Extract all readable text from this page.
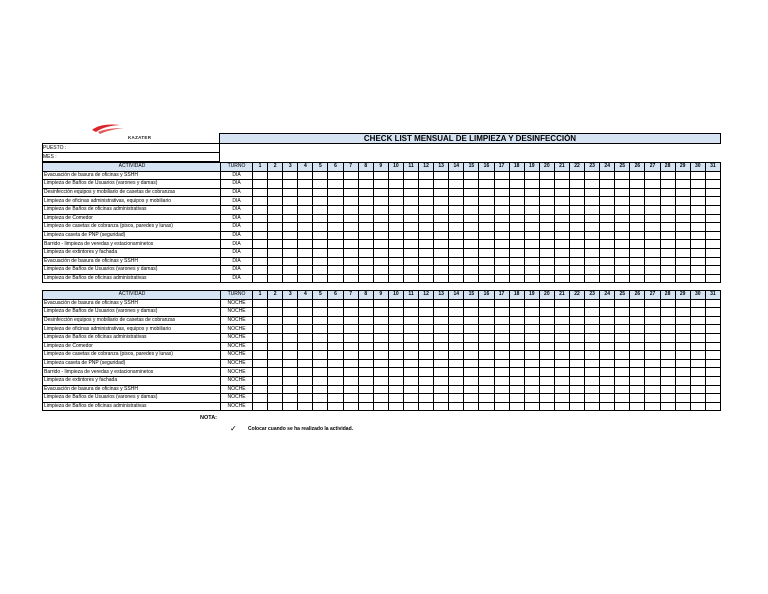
KAZATER
· · · · · ·
		CHECK LIST MENSUAL DE LIMPIEZA Y DESINFECCIÓN
PUESTO :	
MES :	
ACTIVIDAD	TURNO	1	2	3	4	5	6	7	8	9	10	11	12	13	14	15	16	17	18	19	20	21	22	23	24	25	26	27	28	29	30	31
Evacuación de basura de oficinas y SSHH	DIA																															
Limpieza de Baños de Usuarios (varones y damas)	DIA																															
Desinfección equipos y mobiliario de casetas de cobranzas	DIA																															
Limpieza de oficinas administrativas, equipos y mobiliario	DIA																															
Limpieza de Baños de oficinas administrativas	DIA																															
Limpieza de Comedor	DIA																															
Limpieza de casetas de cobranza (pisos, paredes y lunas)	DIA																															
Limpieza caseta de PNP (seguridad)	DIA																															
Barrido - limpieza de veredas y estacionaminetos	DIA																															
Limpieza de extintores y fachada	DIA																															
Evacuación de basura de oficinas y SSHH	DIA																															
Limpieza de Baños de Usuarios (varones y damas)	DIA																															
Limpieza de Baños de oficinas administrativas	DIA																															
ACTIVIDAD	TURNO	1	2	3	4	5	6	7	8	9	10	11	12	13	14	15	16	17	18	19	20	21	22	23	24	25	26	27	28	29	30	31
Evacuación de basura de oficinas y SSHH	NOCHE																															
Limpieza de Baños de Usuarios (varones y damas)	NOCHE																															
Desinfección equipos y mobiliario de casetas de cobranzas	NOCHE																															
Limpieza de oficinas administrativas, equipos y mobiliario	NOCHE																															
Limpieza de Baños de oficinas administrativas	NOCHE																															
Limpieza de Comedor	NOCHE																															
Limpieza de casetas de cobranza (pisos, paredes y lunas)	NOCHE																															
Limpieza caseta de PNP (seguridad)	NOCHE																															
Barrido - limpieza de veredas y estacionaminetos	NOCHE																															
Limpieza de extintores y fachada	NOCHE																															
Evacuación de basura de oficinas y SSHH	NOCHE																															
Limpieza de Baños de Usuarios (varones y damas)	NOCHE																															
Limpieza de Baños de oficinas administrativas	NOCHE																															
NOTA:
✓ Colocar cuando se ha realizado la actividad.
